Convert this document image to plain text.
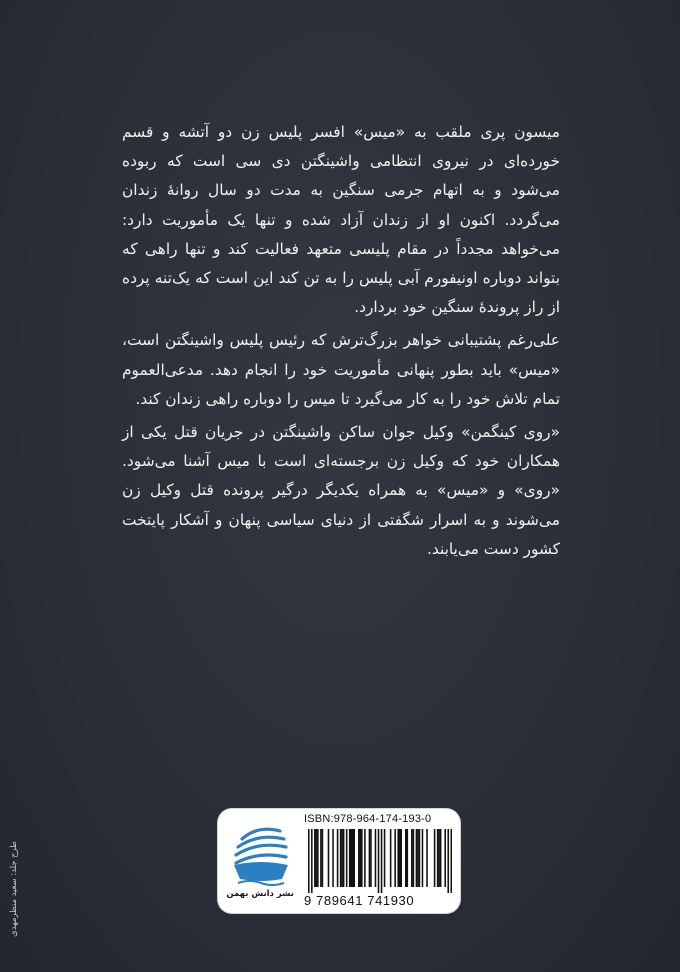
میسون پری ملقب به «میس» افسر پلیس زن دو آتشه و قسم خورده‌ای در نیروی انتظامی واشینگتن دی سی است که ربوده می‌شود و به اتهام جرمی سنگین به مدت دو سال روانهٔ زندان می‌گردد. اکنون او از زندان آزاد شده و تنها یک مأموریت دارد: می‌خواهد مجدداً در مقام پلیسی متعهد فعالیت کند و تنها راهی که بتواند دوباره اونیفورم آبی پلیس را به تن کند این است که یک‌تنه پرده از راز پروندهٔ سنگین خود بردارد.

علی‌رغم پشتیبانی خواهر بزرگ‌ترش که رئیس پلیس واشینگتن است، «میس» باید بطور پنهانی مأموریت خود را انجام دهد. مدعی‌العموم تمام تلاش خود را به کار می‌گیرد تا میس را دوباره راهی زندان کند.

«روی کینگمن» وکیل جوان ساکن واشینگتن در جریان قتل یکی از همکاران خود که وکیل زن برجسته‌ای است با میس آشنا می‌شود. «روی» و «میس» به همراه یکدیگر درگیر پرونده قتل وکیل زن می‌شوند و به اسرار شگفتی از دنیای سیاسی پنهان و آشکار پایتخت کشور دست می‌یابند.

نشر دانش بهمن
ISBN:978-964-174-193-0
9 789641 741930
طرح جلد: سعید منظرمهدی
